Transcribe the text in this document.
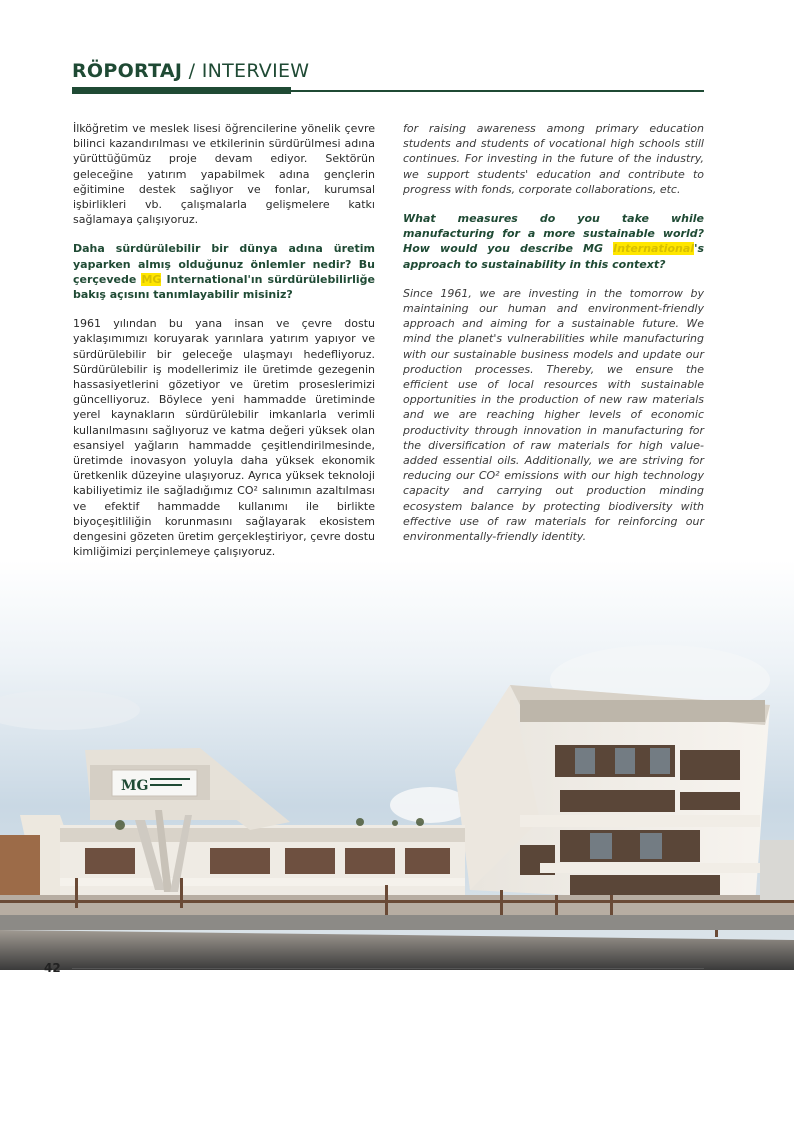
RÖPORTAJ / INTERVIEW

İlköğretim ve meslek lisesi öğrencilerine yönelik çevre bilinci kazandırılması ve etkilerinin sürdürülmesi adına yürüttüğümüz proje devam ediyor. Sektörün geleceğine yatırım yapabilmek adına gençlerin eğitimine destek sağlıyor ve fonlar, kurumsal işbirlikleri vb. çalışmalarla gelişmelere katkı sağlamaya çalışıyoruz.

Daha sürdürülebilir bir dünya adına üretim yaparken almış olduğunuz önlemler nedir? Bu çerçevede MG International'ın sürdürülebilirliğe bakış açısını tanımlayabilir misiniz?

1961 yılından bu yana insan ve çevre dostu yaklaşımımızı koruyarak yarınlara yatırım yapıyor ve sürdürülebilir bir geleceğe ulaşmayı hedefliyoruz. Sürdürülebilir iş modellerimiz ile üretimde gezegenin hassasiyetlerini gözetiyor ve üretim proseslerimizi güncelliyoruz. Böylece yeni hammadde üretiminde yerel kaynakların sürdürülebilir imkanlarla verimli kullanılmasını sağlıyoruz ve katma değeri yüksek olan esansiyel yağların hammadde çeşitlendirilmesinde, üretimde inovasyon yoluyla daha yüksek ekonomik üretkenlik düzeyine ulaşıyoruz. Ayrıca yüksek teknoloji kabiliyetimiz ile sağladığımız CO² salınımın azaltılması ve efektif hammadde kullanımı ile birlikte biyoçeşitliliğin korunmasını sağlayarak ekosistem dengesini gözeten üretim gerçekleştiriyor, çevre dostu kimliğimizi perçinlemeye çalışıyoruz.

for raising awareness among primary education students and students of vocational high schools still continues. For investing in the future of the industry, we support students' education and contribute to progress with fonds, corporate collaborations, etc.

What measures do you take while manufacturing for a more sustainable world? How would you describe MG International's approach to sustainability in this context?

Since 1961, we are investing in the tomorrow by maintaining our human and environment-friendly approach and aiming for a sustainable future. We mind the planet's vulnerabilities while manufacturing with our sustainable business models and update our production processes. Thereby, we ensure the efficient use of local resources with sustainable opportunities in the production of new raw materials and we are reaching higher levels of economic productivity through innovation in manufacturing for the diversification of raw materials for high value-added essential oils. Additionally, we are striving for reducing our CO² emissions with our high technology capacity and carrying out production minding ecosystem balance by protecting biodiversity with effective use of raw materials for reinforcing our environmentally-friendly identity.

MG
42
